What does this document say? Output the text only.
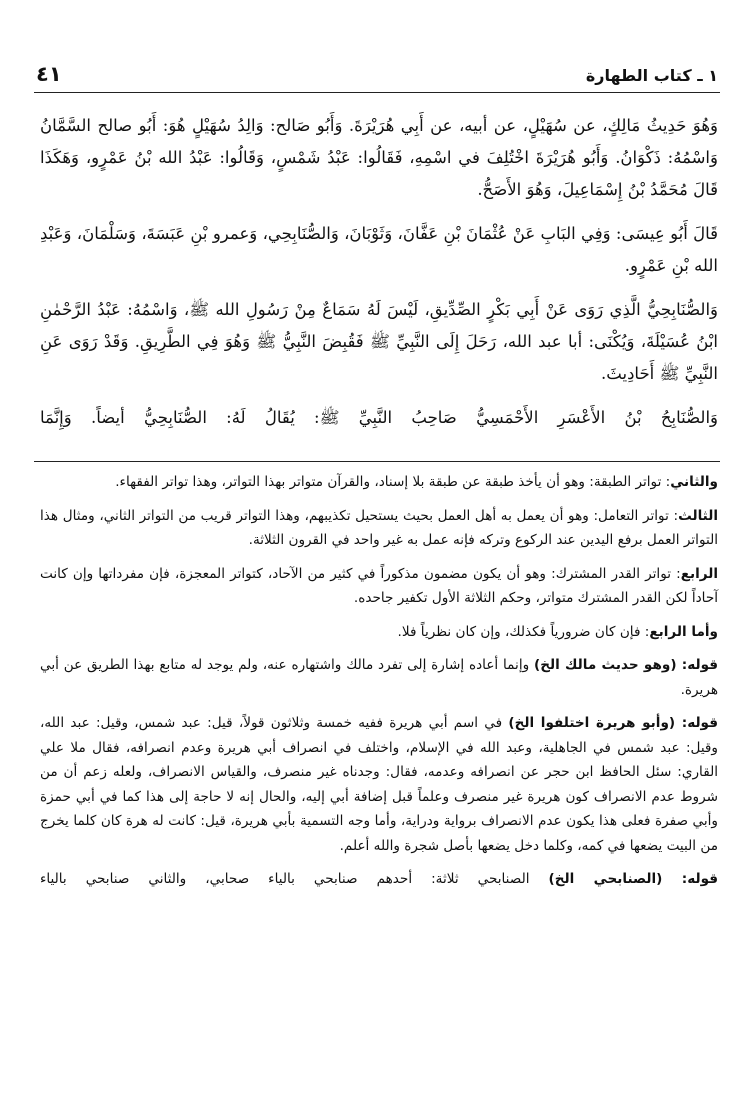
١ ـ كتاب الطهارة
٤١

وَهُوَ حَدِيثُ مَالِكٍ، عن سُهَيْلٍ، عن أبيه، عن أَبِي هُرَيْرَةَ. وَأَبُو صَالح: وَالِدُ سُهَيْلٍ هُوَ: أَبُو صالح السَّمَّانُ وَاسْمُهُ: ذَكْوَانُ. وَأَبُو هُرَيْرَةَ اخْتُلِفَ في اسْمِهِ، فَقَالُوا: عَبْدُ شَمْسٍ، وَقَالُوا: عَبْدُ الله بْنُ عَمْرٍو، وَهَكَذَا قَالَ مُحَمَّدُ بْنُ إِسْمَاعِيلَ، وَهُوَ الأَصَحُّ.

قَالَ أَبُو عِيسَى: وَفِي البَابِ عَنْ عُثْمَانَ بْنِ عَفَّانَ، وَثَوْبَانَ، وَالصُّنَابِحِي، وَعمرو بْنِ عَبَسَةَ، وَسَلْمَانَ، وَعَبْدِ الله بْنِ عَمْرٍو.

وَالصُّنَابِحِيُّ الَّذِي رَوَى عَنْ أَبِي بَكْرٍ الصِّدِّيقِ، لَيْسَ لَهُ سَمَاعٌ مِنْ رَسُولِ الله ﷺ، وَاسْمُهُ: عَبْدُ الرَّحْمٰنِ ابْنُ عُسَيْلَةَ، وَيُكْنَى: أبا عبد الله، رَحَلَ إِلَى النَّبِيِّ ﷺ فَقُبِضَ النَّبِيُّ ﷺ وَهُوَ فِي الطَّرِيقِ. وَقَدْ رَوَى عَنِ النَّبِيِّ ﷺ أَحَادِيثَ.

وَالصُّنَابِحُ بْنُ الأَعْسَرِ الأَحْمَسِيُّ صَاحِبُ النَّبِيِّ ﷺ: يُقَالُ لَهُ: الصُّنَابِحِيُّ أيضاً. وَإِنَّمَا

والثاني: تواتر الطبقة: وهو أن يأخذ طبقة عن طبقة بلا إسناد، والقرآن متواتر بهذا التواتر، وهذا تواتر الفقهاء.

الثالث: تواتر التعامل: وهو أن يعمل به أهل العمل بحيث يستحيل تكذيبهم، وهذا التواتر قريب من التواتر الثاني، ومثال هذا التواتر العمل برفع اليدين عند الركوع وتركه فإنه عمل به غير واحد في القرون الثلاثة.

الرابع: تواتر القدر المشترك: وهو أن يكون مضمون مذكوراً في كثير من الآحاد، كتواتر المعجزة، فإن مفرداتها وإن كانت آحاداً لكن القدر المشترك متواتر، وحكم الثلاثة الأول تكفير جاحده.

وأما الرابع: فإن كان ضرورياً فكذلك، وإن كان نظرياً فلا.

قوله: (وهو حديث مالك الخ) وإنما أعاده إشارة إلى تفرد مالك واشتهاره عنه، ولم يوجد له متابع بهذا الطريق عن أبي هريرة.

قوله: (وأبو هريرة اختلفوا الخ) في اسم أبي هريرة ففيه خمسة وثلاثون قولاً، قيل: عبد شمس، وقيل: عبد الله، وقيل: عبد شمس في الجاهلية، وعبد الله في الإسلام، واختلف في انصراف أبي هريرة وعدم انصرافه، فقال ملا علي القاري: سئل الحافظ ابن حجر عن انصرافه وعدمه، فقال: وجدناه غير منصرف، والقياس الانصراف، ولعله زعم أن من شروط عدم الانصراف كون هريرة غير منصرف وعلماً قبل إضافة أبي إليه، والحال إنه لا حاجة إلى هذا كما في أبي حمزة وأبي صفرة فعلى هذا يكون عدم الانصراف برواية ودراية، وأما وجه التسمية بأبي هريرة، قيل: كانت له هرة كان كلما يخرج من البيت يضعها في كمه، وكلما دخل يضعها بأصل شجرة والله أعلم.

قوله: (الصنابحي الخ) الصنابحي ثلاثة: أحدهم صنابحي بالياء صحابي، والثاني صنابحي بالياء
